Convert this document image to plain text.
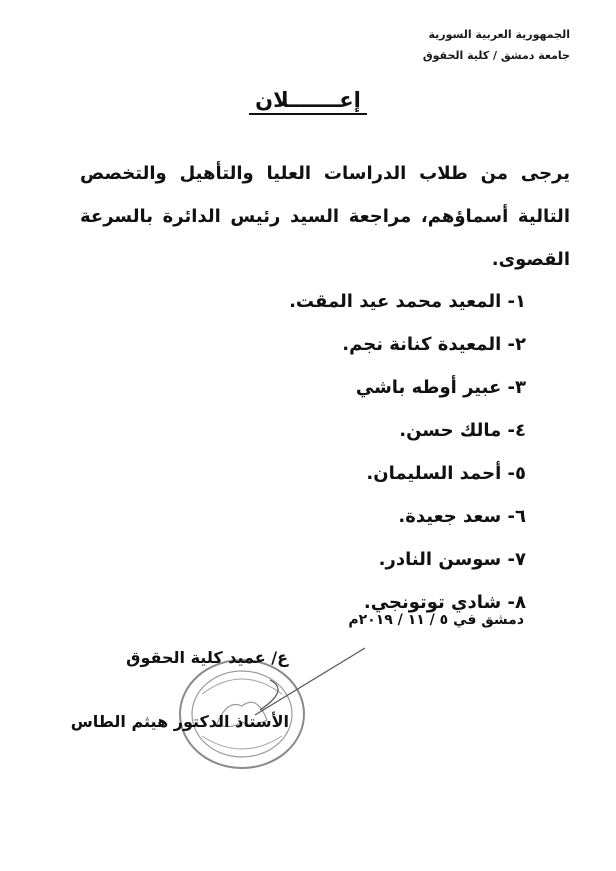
الجمهورية العربية السورية
جامعة دمشق / كلية الحقوق
إعـــــــلان
يرجى من طلاب الدراسات العليا والتأهيل والتخصص التالية أسماؤهم، مراجعة السيد رئيس الدائرة بالسرعة القصوى.
١- المعيد محمد عيد المقت.
٢- المعيدة كنانة نجم.
٣- عبير أوطه باشي
٤- مالك حسن.
٥- أحمد السليمان.
٦- سعد جعيدة.
٧- سوسن النادر.
٨- شادي توتونجي.
دمشق في ٥ / ١١ / ٢٠١٩م
ع/ عميد كلية الحقوق
الأستاذ الدكتور هيثم الطاس
